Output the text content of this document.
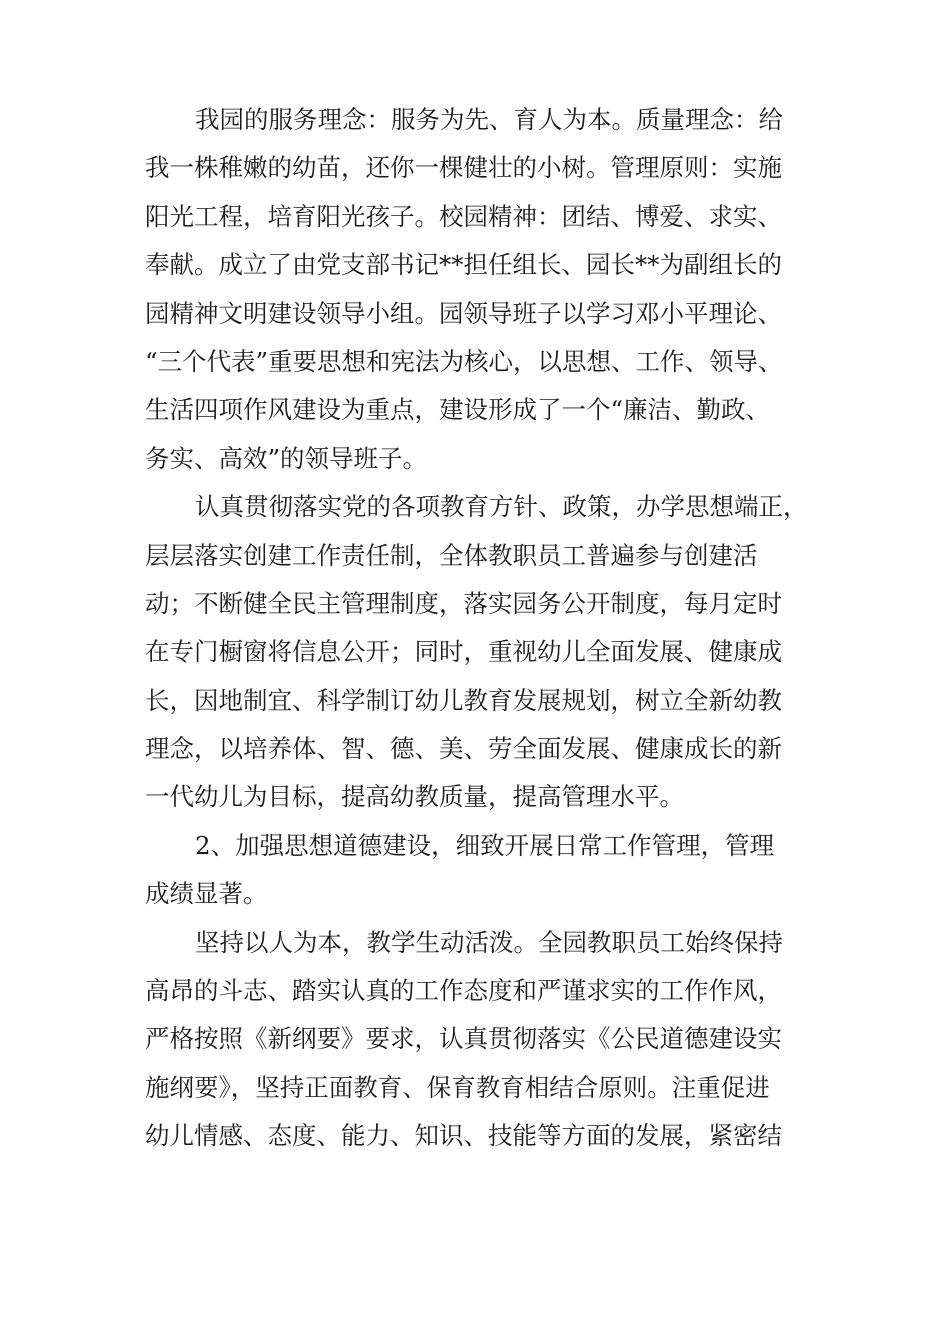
我园的服务理念：服务为先、育人为本。质量理念：给
我一株稚嫩的幼苗，还你一棵健壮的小树。管理原则：实施
阳光工程，培育阳光孩子。校园精神：团结、博爱、求实、
奉献。成立了由党支部书记**担任组长、园长**为副组长的
园精神文明建设领导小组。园领导班子以学习邓小平理论、
“三个代表”重要思想和宪法为核心，以思想、工作、领导、
生活四项作风建设为重点，建设形成了一个“廉洁、勤政、
务实、高效”的领导班子。
认真贯彻落实党的各项教育方针、政策，办学思想端正，
层层落实创建工作责任制，全体教职员工普遍参与创建活
动；不断健全民主管理制度，落实园务公开制度，每月定时
在专门橱窗将信息公开；同时，重视幼儿全面发展、健康成
长，因地制宜、科学制订幼儿教育发展规划，树立全新幼教
理念，以培养体、智、德、美、劳全面发展、健康成长的新
一代幼儿为目标，提高幼教质量，提高管理水平。
2、加强思想道德建设，细致开展日常工作管理，管理
成绩显著。
坚持以人为本，教学生动活泼。全园教职员工始终保持
高昂的斗志、踏实认真的工作态度和严谨求实的工作作风，
严格按照《新纲要》要求，认真贯彻落实《公民道德建设实
施纲要》，坚持正面教育、保育教育相结合原则。注重促进
幼儿情感、态度、能力、知识、技能等方面的发展，紧密结
